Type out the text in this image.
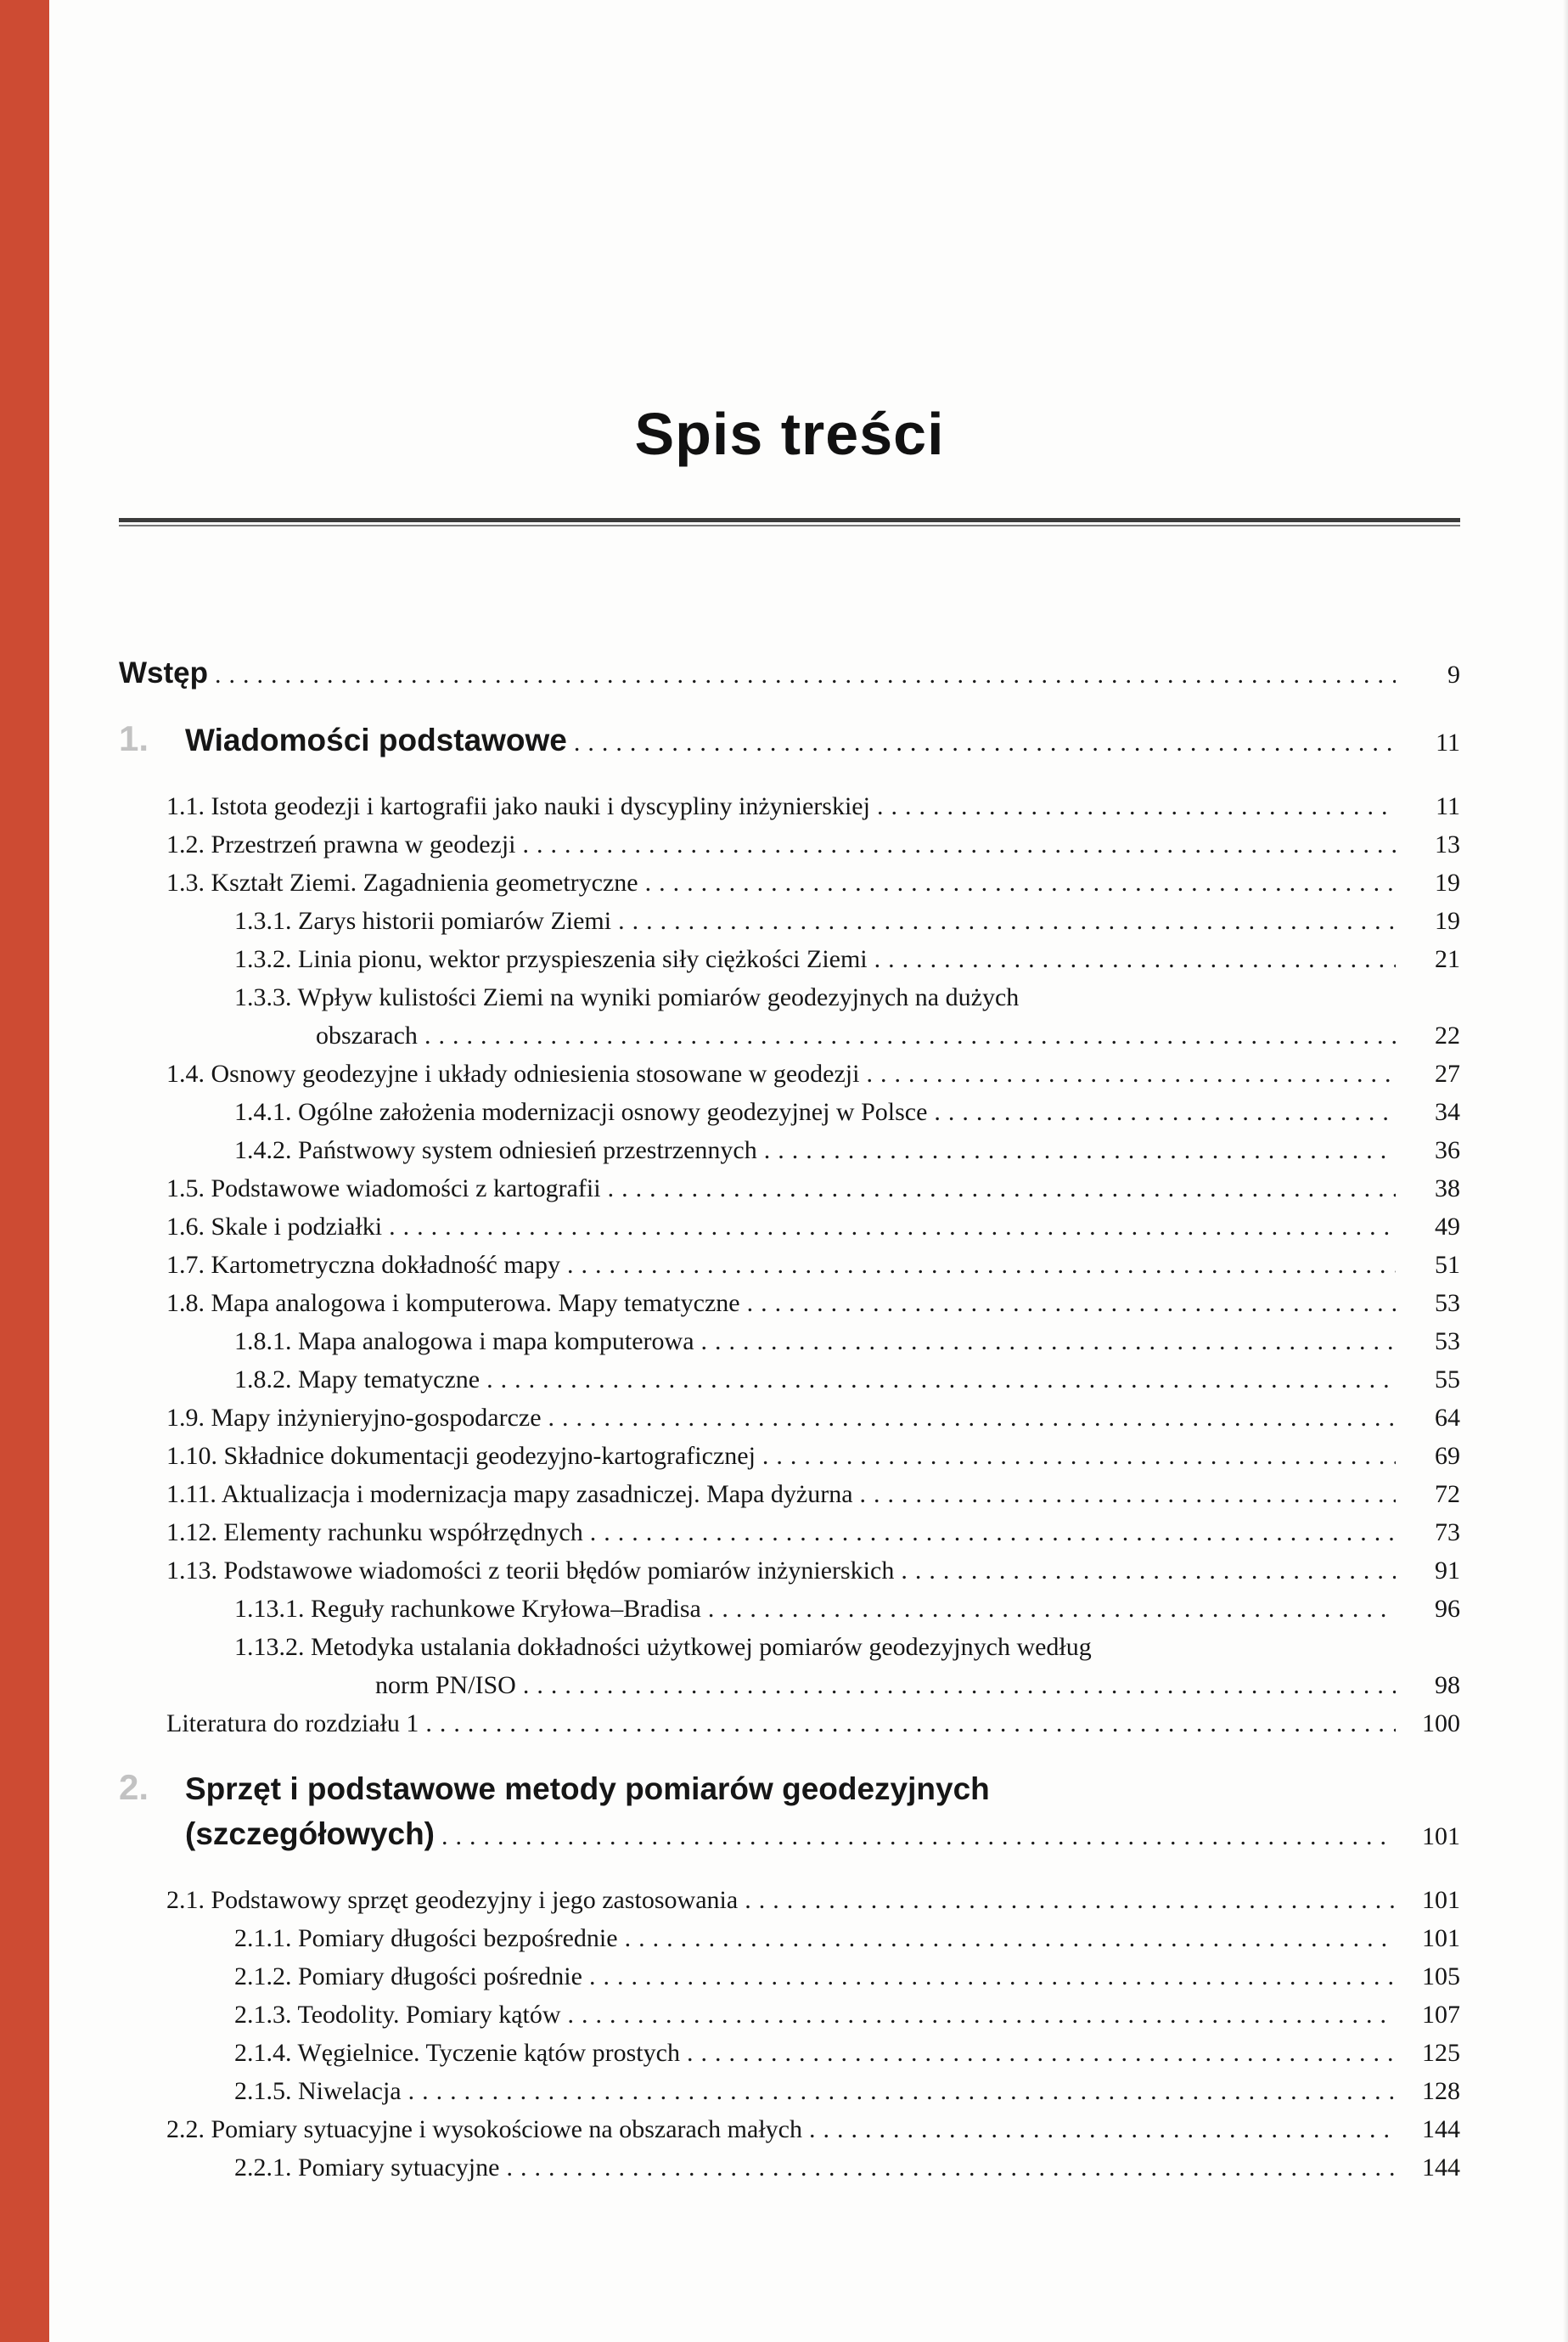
Spis treści
Wstęp .....	9
1.	Wiadomości podstawowe .....	11
1.1. Istota geodezji i kartografii jako nauki i dyscypliny inżynierskiej .....	11
1.2. Przestrzeń prawna w geodezji .....	13
1.3. Kształt Ziemi. Zagadnienia geometryczne .....	19
1.3.1. Zarys historii pomiarów Ziemi .....	19
1.3.2. Linia pionu, wektor przyspieszenia siły ciężkości Ziemi .....	21
1.3.3. Wpływ kulistości Ziemi na wyniki pomiarów geodezyjnych na dużych
obszarach .....	22
1.4. Osnowy geodezyjne i układy odniesienia stosowane w geodezji .....	27
1.4.1. Ogólne założenia modernizacji osnowy geodezyjnej w Polsce .....	34
1.4.2. Państwowy system odniesień przestrzennych .....	36
1.5. Podstawowe wiadomości z kartografii .....	38
1.6. Skale i podziałki .....	49
1.7. Kartometryczna dokładność mapy .....	51
1.8. Mapa analogowa i komputerowa. Mapy tematyczne .....	53
1.8.1. Mapa analogowa i mapa komputerowa .....	53
1.8.2. Mapy tematyczne .....	55
1.9. Mapy inżynieryjno-gospodarcze .....	64
1.10. Składnice dokumentacji geodezyjno-kartograficznej .....	69
1.11. Aktualizacja i modernizacja mapy zasadniczej. Mapa dyżurna .....	72
1.12. Elementy rachunku współrzędnych .....	73
1.13. Podstawowe wiadomości z teorii błędów pomiarów inżynierskich .....	91
1.13.1. Reguły rachunkowe Kryłowa–Bradisa .....	96
1.13.2. Metodyka ustalania dokładności użytkowej pomiarów geodezyjnych według
norm PN/ISO .....	98
Literatura do rozdziału 1 .....	100
2.	Sprzęt i podstawowe metody pomiarów geodezyjnych
(szczegółowych) .....	101
2.1. Podstawowy sprzęt geodezyjny i jego zastosowania .....	101
2.1.1. Pomiary długości bezpośrednie .....	101
2.1.2. Pomiary długości pośrednie .....	105
2.1.3. Teodolity. Pomiary kątów .....	107
2.1.4. Węgielnice. Tyczenie kątów prostych .....	125
2.1.5. Niwelacja .....	128
2.2. Pomiary sytuacyjne i wysokościowe na obszarach małych .....	144
2.2.1. Pomiary sytuacyjne .....	144
